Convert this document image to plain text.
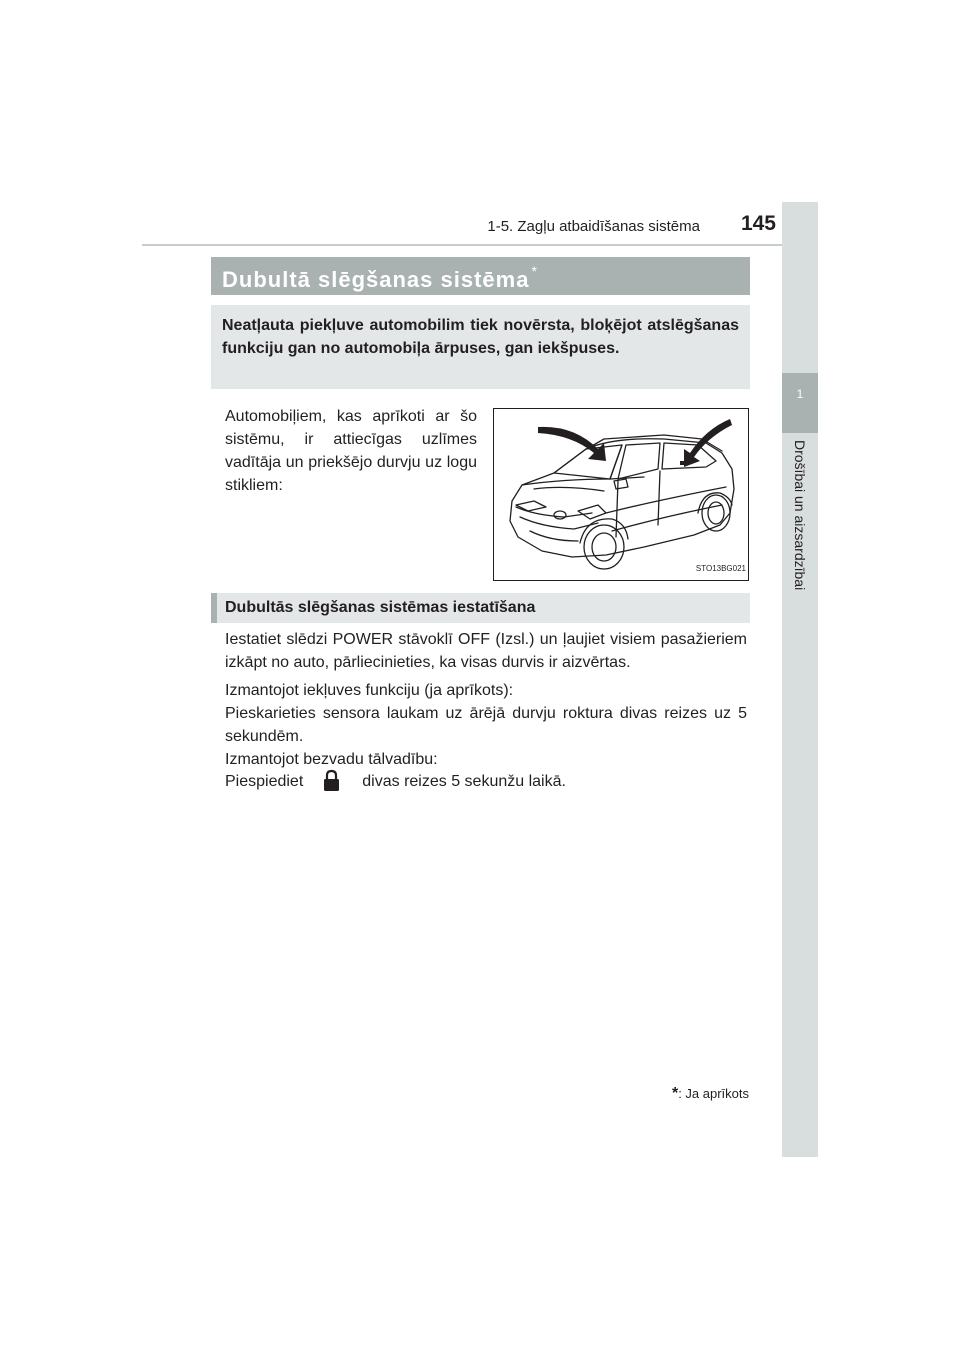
1-5. Zagļu atbaidīšanas sistēma	145
1
Drošībai un aizsardzībai
Dubultā slēgšanas sistēma *
Neatļauta piekļuve automobilim tiek novērsta, bloķējot atslēgšanas funkciju gan no automobiļa ārpuses, gan iekšpuses.
Automobiļiem, kas aprīkoti ar šo sistēmu, ir attiecīgas uzlīmes vadītāja un priekšējo durvju uz logu stikliem:
STO13BG021
Dubultās slēgšanas sistēmas iestatīšana
Iestatiet slēdzi POWER stāvoklī OFF (Izsl.) un ļaujiet visiem pasažieriem izkāpt no auto, pārliecinieties, ka visas durvis ir aizvērtas.
Izmantojot iekļuves funkciju (ja aprīkots):
Pieskarieties sensora laukam uz ārējā durvju roktura divas reizes uz 5 sekundēm.
Izmantojot bezvadu tālvadību:
Piespiediet	divas reizes 5 sekunžu laikā.
*: Ja aprīkots
